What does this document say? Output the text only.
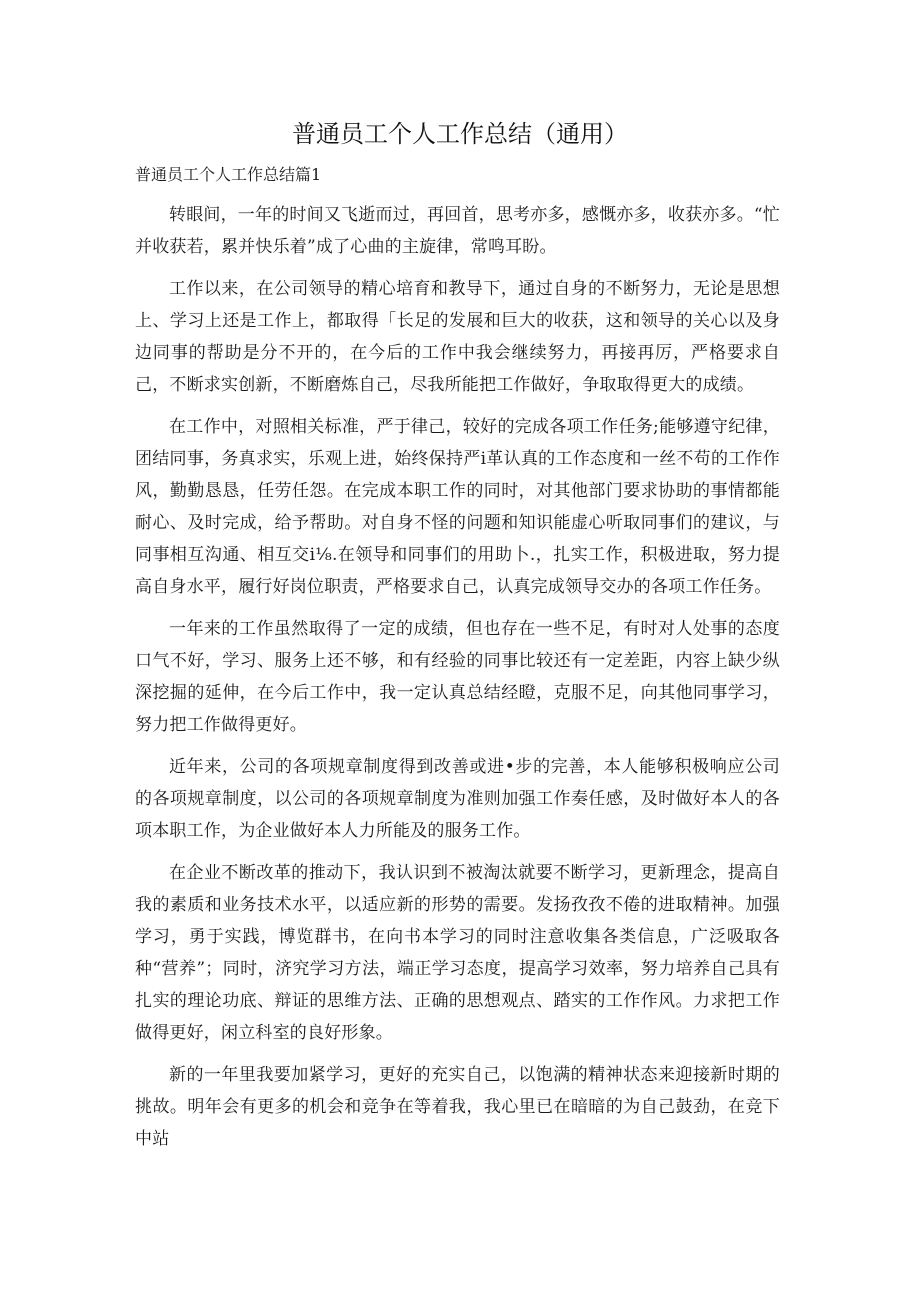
普通员工个人工作总结（通用）

普通员工个人工作总结篇1

转眼间，一年的时间又飞逝而过，再回首，思考亦多，感慨亦多，收获亦多。“忙并收获若，累并快乐着”成了心曲的主旋律，常鸣耳盼。

工作以来，在公司领导的精心培育和教导下，通过自身的不断努力，无论是思想上、学习上还是工作上，都取得「长足的发展和巨大的收获，这和领导的关心以及身边同事的帮助是分不开的，在今后的工作中我会继续努力，再接再厉，严格要求自己，不断求实创新，不断磨炼自己，尽我所能把工作做好，争取取得更大的成绩。

在工作中，对照相关标准，严于律己，较好的完成各项工作任务;能够遵守纪律，团结同事，务真求实，乐观上进，始终保持严i革认真的工作态度和一丝不苟的工作作风，勤勤恳恳，任劳任怨。在完成本职工作的同时，对其他部门要求协助的事情都能耐心、及时完成，给予帮助。对自身不怪的问题和知识能虚心听取同事们的建议，与同事相互沟通、相互交i⅛.在领导和同事们的用助卜.，扎实工作，积极进取，努力提高自身水平，履行好岗位职责，严格要求自己，认真完成领导交办的各项工作任务。

一年来的工作虽然取得了一定的成绩，但也存在一些不足，有时对人处事的态度口气不好，学习、服务上还不够，和有经验的同事比较还有一定差距，内容上缺少纵深挖掘的延伸，在今后工作中，我一定认真总结经瞪，克服不足，向其他同事学习，努力把工作做得更好。

近年来，公司的各项规章制度得到改善或进•步的完善，本人能够积极响应公司的各项规章制度，以公司的各项规章制度为准则加强工作奏任感，及时做好本人的各项本职工作，为企业做好本人力所能及的服务工作。

在企业不断改革的推动下，我认识到不被淘汰就要不断学习，更新理念，提高自我的素质和业务技术水平，以适应新的形势的需要。发扬孜孜不倦的进取精神。加强学习，勇于实践，博览群书，在向书本学习的同时注意收集各类信息，广泛吸取各种“营养”；同时，济究学习方法，端正学习态度，提高学习效率，努力培养自己具有扎实的理论功底、辩证的思维方法、正确的思想观点、踏实的工作作风。力求把工作做得更好，闲立科室的良好形象。

新的一年里我要加紧学习，更好的充实自己，以饱满的精神状态来迎接新时期的挑故。明年会有更多的机会和竞争在等着我，我心里已在暗暗的为自己鼓劲，在竞下中站
